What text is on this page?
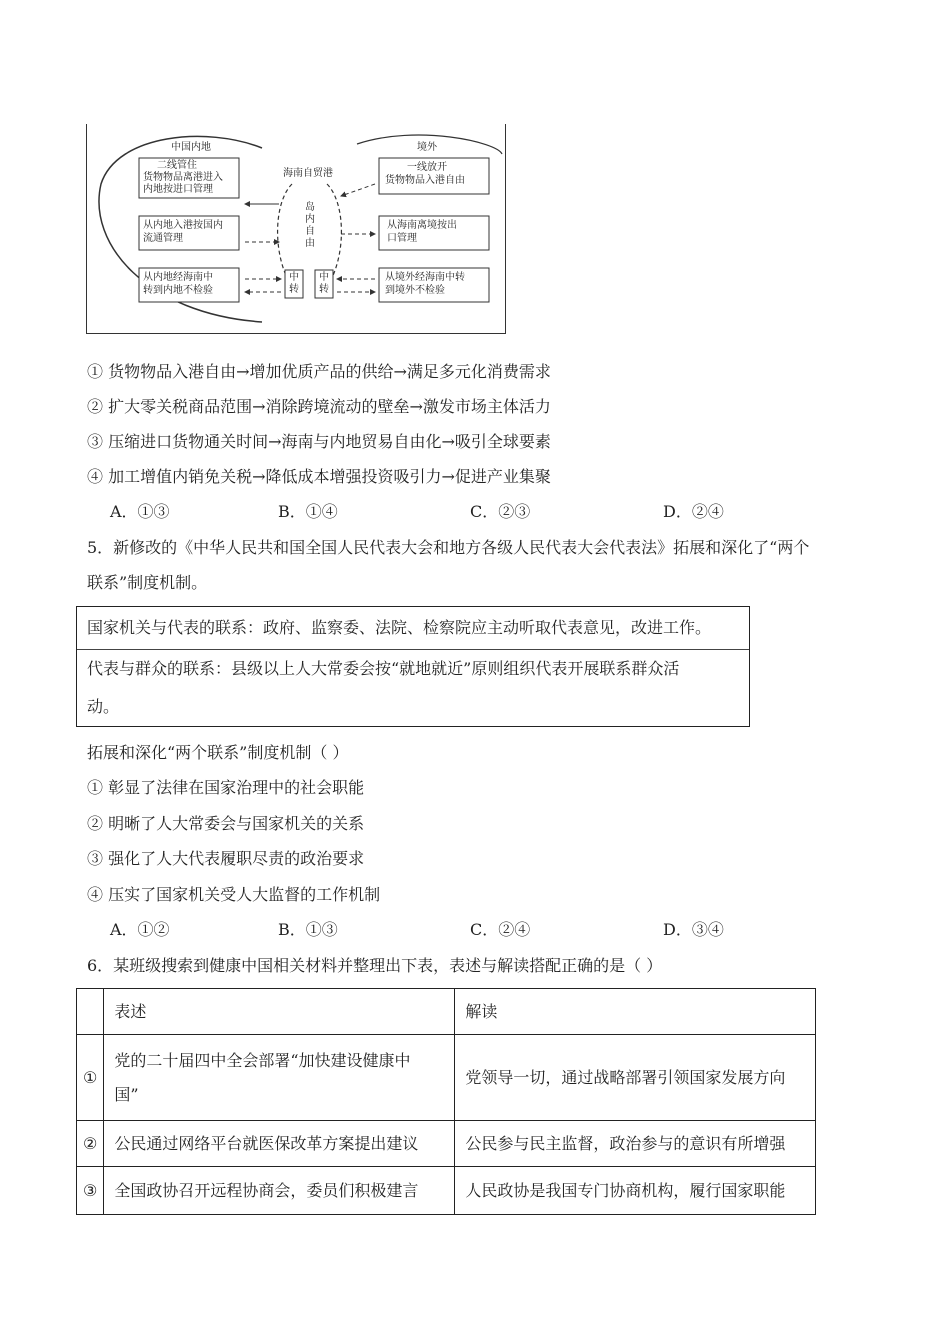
中国内地	境外
海南自贸港
岛
内
自
由
二线管住
货物物品离港进入
内地按进口管理
从内地入港按国内
流通管理
从内地经海南中
转到内地不检验
一线放开
货物物品入港自由
从海南离境按出
口管理
从境外经海南中转
到境外不检验
中
转
中
转
① 货物物品入港自由→增加优质产品的供给→满足多元化消费需求
② 扩大零关税商品范围→消除跨境流动的壁垒→激发市场主体活力
③ 压缩进口货物通关时间→海南与内地贸易自由化→吸引全球要素
④ 加工增值内销免关税→降低成本增强投资吸引力→促进产业集聚
A．①③	B．①④	C．②③	D．②④
5．新修改的《中华人民共和国全国人民代表大会和地方各级人民代表大会代表法》拓展和深化了“两个
联系”制度机制。
国家机关与代表的联系：政府、监察委、法院、检察院应主动听取代表意见，改进工作。
代表与群众的联系：县级以上人大常委会按“就地就近”原则组织代表开展联系群众活
动。
拓展和深化“两个联系”制度机制（ ）
① 彰显了法律在国家治理中的社会职能
② 明晰了人大常委会与国家机关的关系
③ 强化了人大代表履职尽责的政治要求
④ 压实了国家机关受人大监督的工作机制
A．①②	B．①③	C．②④	D．③④
6．某班级搜索到健康中国相关材料并整理出下表，表述与解读搭配正确的是（ ）
	表述	解读
①	党的二十届四中全会部署“加快建设健康中
国”	党领导一切，通过战略部署引领国家发展方向
②	公民通过网络平台就医保改革方案提出建议	公民参与民主监督，政治参与的意识有所增强
③	全国政协召开远程协商会，委员们积极建言	人民政协是我国专门协商机构，履行国家职能
